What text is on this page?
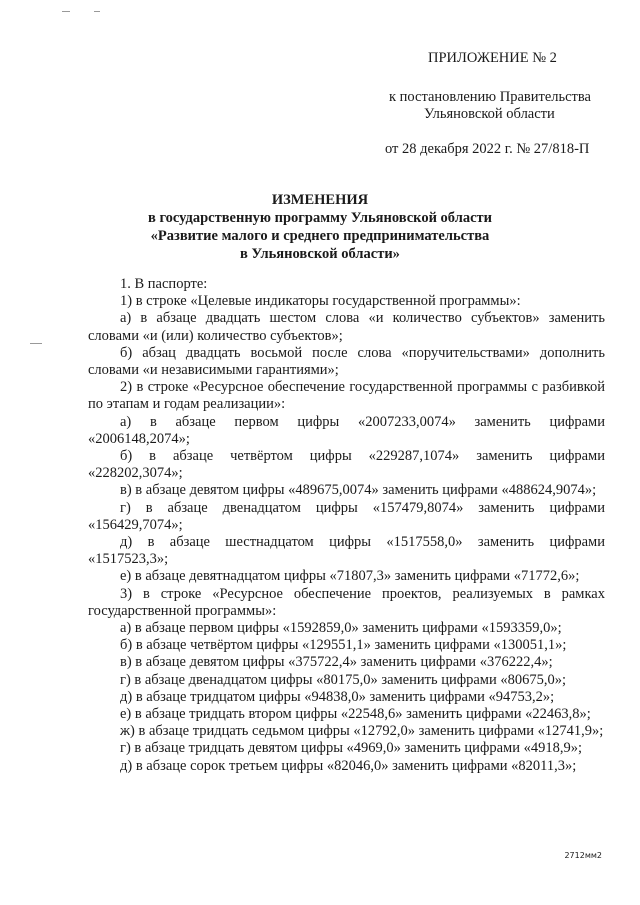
ПРИЛОЖЕНИЕ № 2
к постановлению Правительства
Ульяновской области
от 28 декабря 2022 г. № 27/818-П
ИЗМЕНЕНИЯ
в государственную программу Ульяновской области
«Развитие малого и среднего предпринимательства
в Ульяновской области»

1. В паспорте:

1) в строке «Целевые индикаторы государственной программы»:

а) в абзаце двадцать шестом слова «и количество субъектов» заменить словами «и (или) количество субъектов»;

б) абзац двадцать восьмой после слова «поручительствами» дополнить словами «и независимыми гарантиями»;

2) в строке «Ресурсное обеспечение государственной программы с разбивкой по этапам и годам реализации»:

а) в абзаце первом цифры «2007233,0074» заменить цифрами «2006148,2074»;

б) в абзаце четвёртом цифры «229287,1074» заменить цифрами «228202,3074»;

в) в абзаце девятом цифры «489675,0074» заменить цифрами «488624,9074»;

г) в абзаце двенадцатом цифры «157479,8074» заменить цифрами «156429,7074»;

д) в абзаце шестнадцатом цифры «1517558,0» заменить цифрами «1517523,3»;

е) в абзаце девятнадцатом цифры «71807,3» заменить цифрами «71772,6»;

3) в строке «Ресурсное обеспечение проектов, реализуемых в рамках государственной программы»:

а) в абзаце первом цифры «1592859,0» заменить цифрами «1593359,0»;

б) в абзаце четвёртом цифры «129551,1» заменить цифрами «130051,1»;

в) в абзаце девятом цифры «375722,4» заменить цифрами «376222,4»;

г) в абзаце двенадцатом цифры «80175,0» заменить цифрами «80675,0»;

д) в абзаце тридцатом цифры «94838,0» заменить цифрами «94753,2»;

е) в абзаце тридцать втором цифры «22548,6» заменить цифрами «22463,8»;

ж) в абзаце тридцать седьмом цифры «12792,0» заменить цифрами «12741,9»;

г) в абзаце тридцать девятом цифры «4969,0» заменить цифрами «4918,9»;

д) в абзаце сорок третьем цифры «82046,0» заменить цифрами «82011,3»;

2712мм2
